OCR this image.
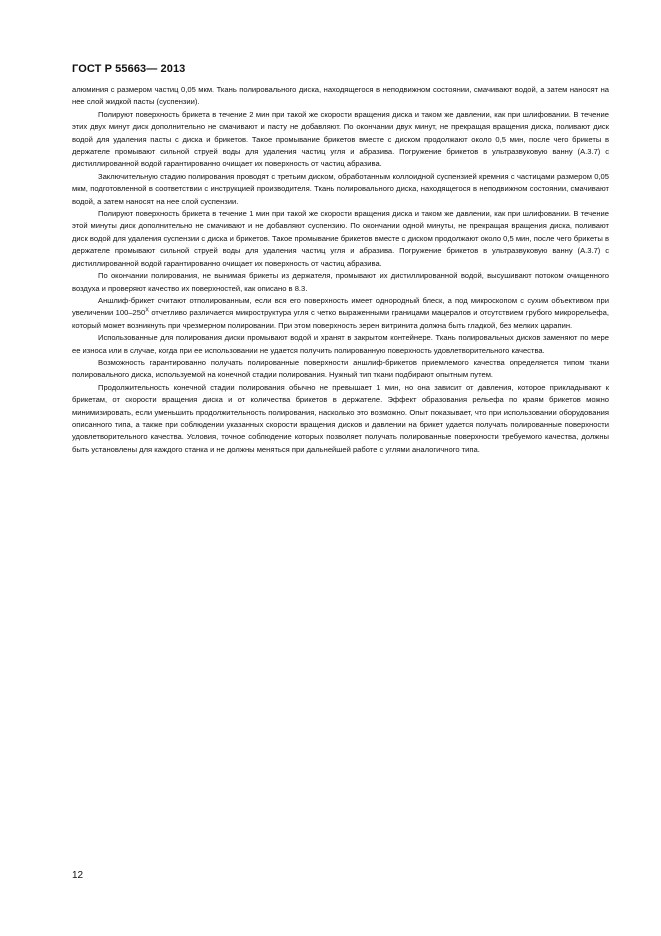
ГОСТ Р 55663— 2013

алюминия с размером частиц 0,05 мкм. Ткань полировального диска, находящегося в неподвижном состоянии, смачивают водой, а затем наносят на нее слой жидкой пасты (суспензии).

Полируют поверхность брикета в течение 2 мин при такой же скорости вращения диска и таком же давлении, как при шлифовании. В течение этих двух минут диск дополнительно не смачивают и пасту не добавляют. По окончании двух минут, не прекращая вращения диска, поливают диск водой для удаления пасты с диска и брикетов. Такое промывание брикетов вместе с диском продолжают около 0,5 мин, после чего брикеты в держателе промывают сильной струей воды для удаления частиц угля и абразива. Погружение брикетов в ультразвуковую ванну (А.3.7) с дистиллированной водой гарантированно очищает их поверхность от частиц абразива.

Заключительную стадию полирования проводят с третьим диском, обработанным коллоидной суспензией кремния с частицами размером 0,05 мкм, подготовленной в соответствии с инструкцией производителя. Ткань полировального диска, находящегося в неподвижном состоянии, смачивают водой, а затем наносят на нее слой суспензии.

Полируют поверхность брикета в течение 1 мин при такой же скорости вращения диска и таком же давлении, как при шлифовании. В течение этой минуты диск дополнительно не смачивают и не добавляют суспензию. По окончании одной минуты, не прекращая вращения диска, поливают диск водой для удаления суспензии с диска и брикетов. Такое промывание брикетов вместе с диском продолжают около 0,5 мин, после чего брикеты в держателе промывают сильной струей воды для удаления частиц угля и абразива. Погружение брикетов в ультразвуковую ванну (А.3.7) с дистиллированной водой гарантированно очищает их поверхность от частиц абразива.

По окончании полирования, не вынимая брикеты из держателя, промывают их дистиллированной водой, высушивают потоком очищенного воздуха и проверяют качество их поверхностей, как описано в 8.3.

Аншлиф-брикет считают отполированным, если вся его поверхность имеет однородный блеск, а под микроскопом с сухим объективом при увеличении $100-250^X$ отчетливо различается микроструктура угля с четко выраженными границами мацералов и отсутствием грубого микрорельефа, который может возникнуть при чрезмерном полировании. При этом поверхность зерен витринита должна быть гладкой, без мелких царапин.

Использованные для полирования диски промывают водой и хранят в закрытом контейнере. Ткань полировальных дисков заменяют по мере ее износа или в случае, когда при ее использовании не удается получить полированную поверхность удовлетворительного качества.

Возможность гарантированно получать полированные поверхности аншлиф-брикетов приемлемого качества определяется типом ткани полировального диска, используемой на конечной стадии полирования. Нужный тип ткани подбирают опытным путем.

Продолжительность конечной стадии полирования обычно не превышает 1 мин, но она зависит от давления, которое прикладывают к брикетам, от скорости вращения диска и от количества брикетов в держателе. Эффект образования рельефа по краям брикетов можно минимизировать, если уменьшить продолжительность полирования, насколько это возможно. Опыт показывает, что при использовании оборудования описанного типа, а также при соблюдении указанных скорости вращения дисков и давлении на брикет удается получать полированные поверхности удовлетворительного качества. Условия, точное соблюдение которых позволяет получать полированные поверхности требуемого качества, должны быть установлены для каждого станка и не должны меняться при дальнейшей работе с углями аналогичного типа.

12
